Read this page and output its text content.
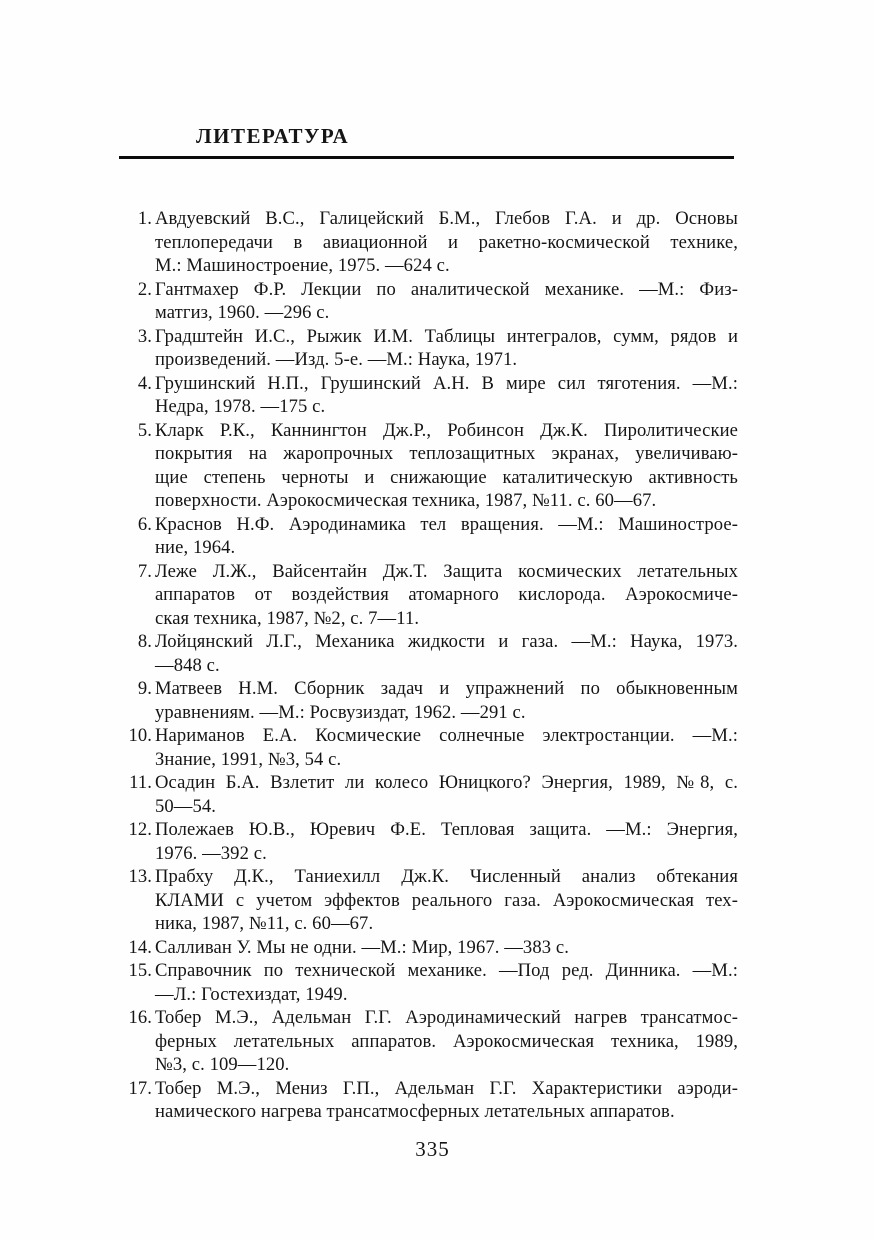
ЛИТЕРАТУРА
1. Авдуевский В.С., Галицейский Б.М., Глебов Г.А. и др. Основы
теплопередачи в авиационной и ракетно-космической технике,
М.: Машиностроение, 1975. —624 с.
2. Гантмахер Ф.Р. Лекции по аналитической механике. —М.: Физ-
матгиз, 1960. —296 с.
3. Градштейн И.С., Рыжик И.М. Таблицы интегралов, сумм, рядов и
произведений. —Изд. 5-е. —М.: Наука, 1971.
4. Грушинский Н.П., Грушинский А.Н. В мире сил тяготения. —М.:
Недра, 1978. —175 с.
5. Кларк Р.К., Каннингтон Дж.Р., Робинсон Дж.К. Пиролитические
покрытия на жаропрочных теплозащитных экранах, увеличиваю-
щие степень черноты и снижающие каталитическую активность
поверхности. Аэрокосмическая техника, 1987, №11. с. 60—67.
6. Краснов Н.Ф. Аэродинамика тел вращения. —М.: Машинострое-
ние, 1964.
7. Леже Л.Ж., Вайсентайн Дж.Т. Защита космических летательных
аппаратов от воздействия атомарного кислорода. Аэрокосмиче-
ская техника, 1987, №2, с. 7—11.
8. Лойцянский Л.Г., Механика жидкости и газа. —М.: Наука, 1973.
—848 с.
9. Матвеев Н.М. Сборник задач и упражнений по обыкновенным
уравнениям. —М.: Росвузиздат, 1962. —291 с.
10. Нариманов Е.А. Космические солнечные электростанции. —М.:
Знание, 1991, №3, 54 с.
11. Осадин Б.А. Взлетит ли колесо Юницкого? Энергия, 1989, №8, с.
50—54.
12. Полежаев Ю.В., Юревич Ф.Е. Тепловая защита. —М.: Энергия,
1976. —392 с.
13. Прабху Д.К., Таниехилл Дж.К. Численный анализ обтекания
КЛАМИ с учетом эффектов реального газа. Аэрокосмическая тех-
ника, 1987, №11, с. 60—67.
14. Салливан У. Мы не одни. —М.: Мир, 1967. —383 с.
15. Справочник по технической механике. —Под ред. Динника. —М.:
—Л.: Гостехиздат, 1949.
16. Тобер М.Э., Адельман Г.Г. Аэродинамический нагрев трансатмос-
ферных летательных аппаратов. Аэрокосмическая техника, 1989,
№3, с. 109—120.
17. Тобер М.Э., Мениз Г.П., Адельман Г.Г. Характеристики аэроди-
намического нагрева трансатмосферных летательных аппаратов.
335
